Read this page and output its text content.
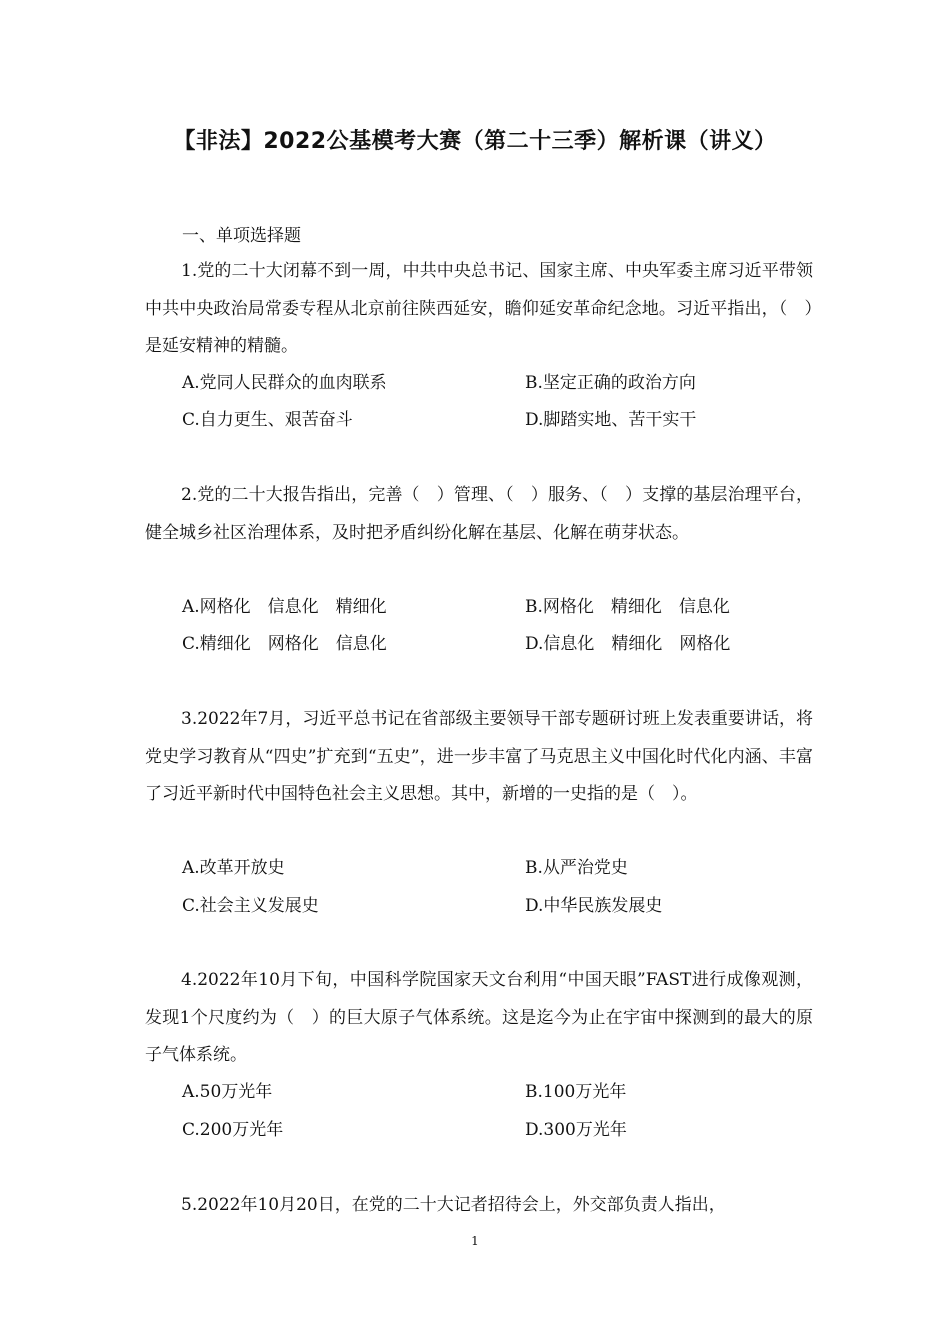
【非法】2022公基模考大赛（第二十三季）解析课（讲义）
一、单项选择题
1.党的二十大闭幕不到一周，中共中央总书记、国家主席、中央军委主席习近平带领中共中央政治局常委专程从北京前往陕西延安，瞻仰延安革命纪念地。习近平指出，（　）是延安精神的精髓。
A.党同人民群众的血肉联系	B.坚定正确的政治方向
C.自力更生、艰苦奋斗	D.脚踏实地、苦干实干
2.党的二十大报告指出，完善（　）管理、（　）服务、（　）支撑的基层治理平台，健全城乡社区治理体系，及时把矛盾纠纷化解在基层、化解在萌芽状态。
A.网格化　信息化　精细化	B.网格化　精细化　信息化
C.精细化　网格化　信息化	D.信息化　精细化　网格化
3.2022年7月，习近平总书记在省部级主要领导干部专题研讨班上发表重要讲话，将党史学习教育从“四史”扩充到“五史”，进一步丰富了马克思主义中国化时代化内涵、丰富了习近平新时代中国特色社会主义思想。其中，新增的一史指的是（　）。
A.改革开放史	B.从严治党史
C.社会主义发展史	D.中华民族发展史
4.2022年10月下旬，中国科学院国家天文台利用“中国天眼”FAST进行成像观测，发现1个尺度约为（　）的巨大原子气体系统。这是迄今为止在宇宙中探测到的最大的原子气体系统。
A.50万光年	B.100万光年
C.200万光年	D.300万光年
5.2022年10月20日，在党的二十大记者招待会上，外交部负责人指出，
1
